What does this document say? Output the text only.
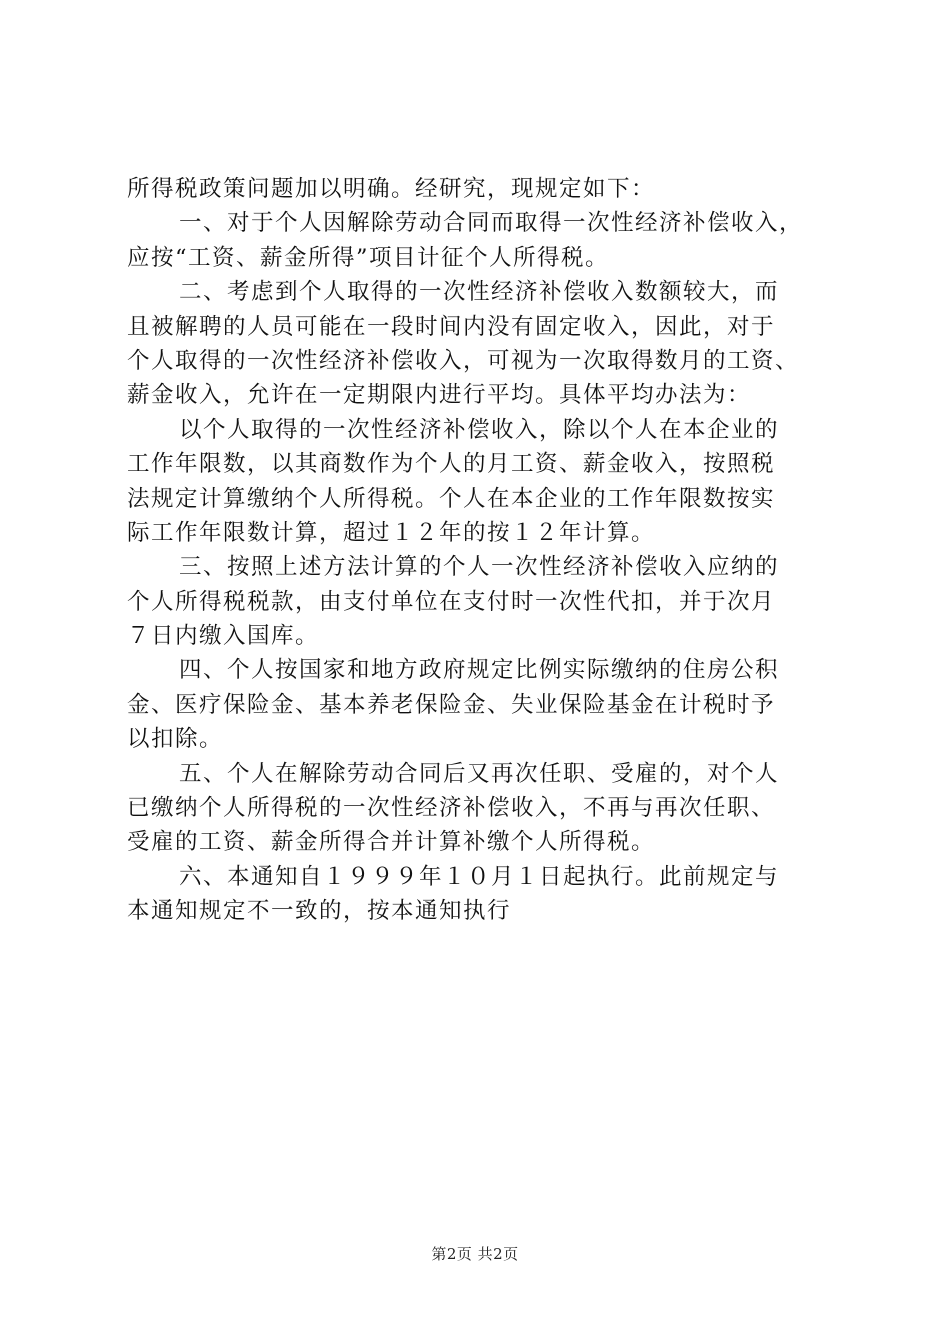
所得税政策问题加以明确。经研究，现规定如下：
一、对于个人因解除劳动合同而取得一次性经济补偿收入，
应按“工资、薪金所得”项目计征个人所得税。
二、考虑到个人取得的一次性经济补偿收入数额较大，而
且被解聘的人员可能在一段时间内没有固定收入，因此，对于
个人取得的一次性经济补偿收入，可视为一次取得数月的工资、
薪金收入，允许在一定期限内进行平均。具体平均办法为：
以个人取得的一次性经济补偿收入，除以个人在本企业的
工作年限数，以其商数作为个人的月工资、薪金收入，按照税
法规定计算缴纳个人所得税。个人在本企业的工作年限数按实
际工作年限数计算，超过１２年的按１２年计算。
三、按照上述方法计算的个人一次性经济补偿收入应纳的
个人所得税税款，由支付单位在支付时一次性代扣，并于次月
７日内缴入国库。
四、个人按国家和地方政府规定比例实际缴纳的住房公积
金、医疗保险金、基本养老保险金、失业保险基金在计税时予
以扣除。
五、个人在解除劳动合同后又再次任职、受雇的，对个人
已缴纳个人所得税的一次性经济补偿收入，不再与再次任职、
受雇的工资、薪金所得合并计算补缴个人所得税。
六、本通知自１９９９年１０月１日起执行。此前规定与
本通知规定不一致的，按本通知执行
第2页 共2页
